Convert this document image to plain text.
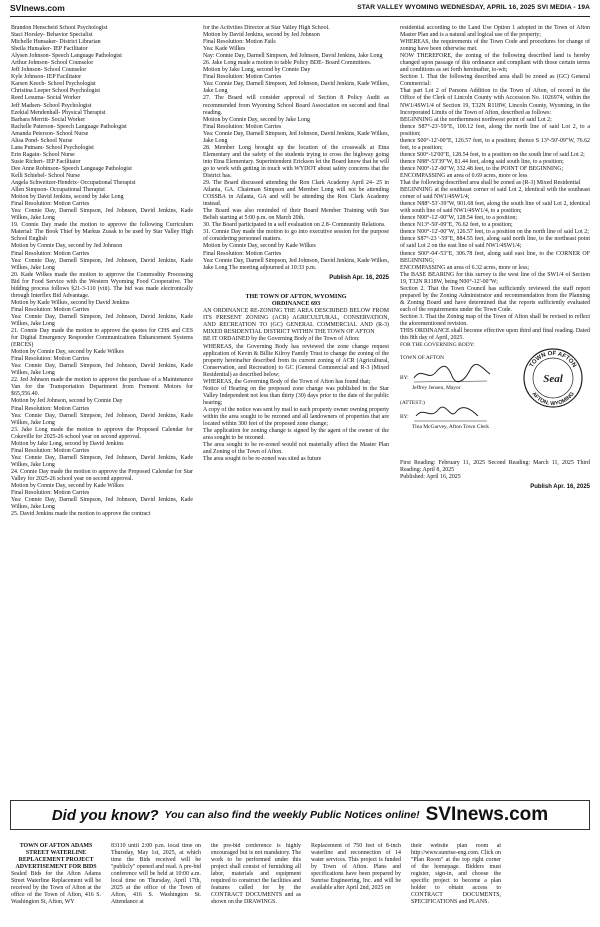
SVInews.com	STAR VALLEY WYOMING WEDNESDAY, APRIL 16, 2025 SVI MEDIA - 19A

Brandon Henscheid School Psychologist

Staci Horsley- Behavior Specialist

Michelle Hunsaker- District Librarian

Sheila Hunsaker- IEP Facilitator

Alysen Johnson- Speech Language Pathologist

Arthur Johnson- School Counselor

Jeff Johnson- School Counselor

Kyle Johnson- IEP Facilitator

Karsen Keech- School Psychologist

Christina Leeper School Psychologist

Reed Lesuma- Social Worker

Jeff Madsen- School Psychologist

Ezekial Mendenhall- Physical Therapist

Barbara Merritt- Social Worker

Rachelle Paterson- Speech Language Pathologist

Amanda Peterson- School Nurse

Alisa Pond- School Nurse

Lana Putnam- School Psychologist

Erin Ragain- School Nurse

Susie Richert- IEP Facilitator

Dee Anne Robinson- Speech Language Pathologist

Kelli Schiebel- School Nurse

Angela Schweitzer-Hendrix- Occupational Therapist

Allen Simpson- Occupational Therapist

Motion by David Jenkins, second by Jake Long

Final Resolution: Motion Carries

Yea: Connie Day, Darnell Simpson, Jed Johnson, David Jenkins, Kade Wilkes, Jake Long

19. Connie Day made the motion to approve the following Curriculum Material: The Book Thief by Markus Zusak to be used by Star Valley High School English

Motion by Connie Day, second by Jed Johnson

Final Resolution: Motion Carries

Yea: Connie Day, Darnell Simpson, Jed Johnson, David Jenkins, Kade Wilkes, Jake Long

20. Kade Wilkes made the motion to approve the Commodity Processing Bid for Food Service with the Western Wyoming Food Cooperative. The bidding process follows §21-3-110 (viii). The bid was made electronically through Interflex Bid Advantage.

Motion by Kade Wilkes, second by David Jenkins

Final Resolution: Motion Carries

Yea: Connie Day, Darnell Simpson, Jed Johnson, David Jenkins, Kade Wilkes, Jake Long

21. Connie Day made the motion to approve the quotes for CHS and CES for Digital Emergency Responder Communications Enhancement Systems (ERCES)

Motion by Connie Day, second by Kade Wilkes

Final Resolution: Motion Carries

Yea: Connie Day, Darnell Simpson, Jed Johnson, David Jenkins, Kade Wilkes, Jake Long

22. Jed Johnson made the motion to approve the purchase of a Maintenance Van for the Transportation Department from Fremont Motors for $65,556.40.

Motion by Jed Johnson, second by Connie Day

Final Resolution: Motion Carries

Yea: Connie Day, Darnell Simpson, Jed Johnson, David Jenkins, Kade Wilkes, Jake Long

23. Jake Long made the motion to approve the Proposed Calendar for Cokeville for 2025-26 school year on second approval.

Motion by Jake Long, second by David Jenkins

Final Resolution: Motion Carries

Yea: Connie Day, Darnell Simpson, Jed Johnson, David Jenkins, Kade Wilkes, Jake Long

24. Connie Day made the motion to approve the Proposed Calendar for Star Valley for 2025-26 school year on second approval.

Motion by Connie Day, second by Kade Wilkes

Final Resolution: Motion Carries

Yea: Connie Day, Darnell Simpson, Jed Johnson, David Jenkins, Kade Wilkes, Jake Long

25. David Jenkins made the motion to approve the contract

for the Activities Director at Star Valley High School.

Motion by David Jenkins, second by Jed Johnson

Final Resolution: Motion Fails

Yea: Kade Wilkes

Nay: Connie Day, Darnell Simpson, Jed Johnson, David Jenkins, Jake Long

26. Jake Long made a motion to table Policy BDE- Board Committees.

Motion by Jake Long, second by Connie Day

Final Resolution: Motion Carries

Yea: Connie Day, Darnell Simpson, Jed Johnson, David Jenkins, Kade Wilkes, Jake Long

27. The Board will consider approval of Section 8 Policy Audit as recommended from Wyoming School Board Association on second and final reading.

Motion by Connie Day, second by Jake Long

Final Resolution: Motion Carries

Yea: Connie Day, Darnell Simpson, Jed Johnson, David Jenkins, Kade Wilkes, Jake Long

28. Member Long brought up the location of the crosswalk at Etna Elementary and the safety of the students trying to cross the highway going into Etna Elementary. Superintendent Erickson let the Board know that he will go to work with getting in touch with WYDOT about safety concerns that the District has.

29. The Board discussed attending the Ron Clark Academy April 24- 25 in Atlanta, GA. Chairman Simpson and Member Long will not be attending COSSBA in Atlanta, GA and will be attending the Ron Clark Academy instead.

The Board was also reminded of their Board Member Training with Sue Belish starting at 5:00 p.m. on March 20th.

30. The Board participated in a self evaluation on 2.8- Community Relations.

31. Connie Day made the motion to go into executive session for the purpose of considering personnel matters.

Motion by Connie Day, second by Kade Wilkes

Final Resolution: Motion Carries

Yea: Connie Day, Darnell Simpson, Jed Johnson, David Jenkins, Kade Wilkes, Jake Long The meeting adjourned at 10:33 p.m.

Publish Apr. 16, 2025
THE TOWN OF AFTON, WYOMING
ORDINANCE 693

AN ORDINANCE RE-ZONING THE AREA DESCRIBED BELOW FROM ITS PRESENT ZONING (ACR) AGRICULTURAL, CONSERVATION, AND RECREATION TO (GC) GENERAL COMMERCIAL AND (R-3) MIXED RESIDENTIAL DISTRICT WITHIN THE TOWN OF AFTON

BE IT ORDAINED by the Governing Body of the Town of Afton:

WHEREAS, the Governing Body has reviewed the zone change request application of Kevin & Billie Kilroy Family Trust to change the zoning of the property hereinafter described from its current zoning of ACR (Agricultural, Conservation, and Recreation) to GC (General Commercial and R-3 (Mixed Residential) as described below;

WHEREAS, the Governing Body of the Town of Afton has found that;

Notice of Hearing on the proposed zone change was published in the Star Valley Independent not less than thirty (30) days prior to the date of the public hearing;

A copy of the notice was sent by mail to each property owner owning property within the area sought to be rezoned and all landowners of properties that are located within 300 feet of the proposed zone change;

The application for zoning change is signed by the agent of the owner of the area sought to be rezoned.

The area sought to be re-zoned would not materially affect the Master Plan and Zoning of the Town of Afton.

The area sought to be re-zoned was sited as future

residential according to the Land Use Option 1 adopted in the Town of Afton Master Plan and is a natural and logical use of the property;

WHEREAS, the requirements of the Town Code and procedures for change of zoning have been otherwise met.

NOW THEREFORE, the zoning of the following described land is hereby changed upon passage of this ordinance and compliant with those certain terms and conditions as set forth hereinafter, to-wit;

Section 1. That the following described area shall be zoned as (GC) General Commercial:

That part Lot 2 of Parsons Addition to the Town of Afton, of record in the Office of the Clerk of Lincoln County with Accession No. 1026974, within the NW1/4SW1/4 of Section 19, T32N R118W, Lincoln County, Wyoming, in the Incorporated Limits of the Town of Afton, described as follows:

BEGINNING at the northernmost northwest point of said Lot 2;

thence S87°-23'-59"E, 100.12 feet, along the north line of said Lot 2, to a position;

thence S00°-12'-00"E, 126.57 feet, to a position; thence S 13°-50'-09"W, 76.62 feet, to a position;

thence S00°-12'00"E, 128.54 feet, to a position on the south line of said Lot 2;

thence N88°-53'39"W, 81.44 feet, along said south line, to a position;

thence N00°-12'-00"W, 332.48 feet, to the POINT OF BEGINNING;

ENCOMPASSING an area of 0.69 acres, more or less

That the following described area shall be zoned as (R-3) Mixed Residential

BEGINNING at the southeast corner of said Lot 2, identical with the southeast corner of said NW1/4SW1/4;

thence N88°-53'-39"W, 901.68 feet, along the south line of said Lot 2, identical with south line of said NW1/4SW1/4, to a position;

thence N00°-12'-00"W, 128.54 feet, to a position;

thence N13°-50'-09"E, 76.62 feet, to a position;

thence N00°-12'-00"W, 126.57 feet, to a position on the north line of said Lot 2;

thence S87°-23 '-59"E, 884.55 feet, along said north line, to the northeast point of said Lot 2 on the east line of said NW1/4SW1/4;

thence S00°-04'-53"E, 306.78 feet, along said east line, to the CORNER OF BEGINNING;

ENCOMPASSING an area of 6.32 acres, more or less;

The BASE BEARING for this survey is the west line of the SW1/4 of Section 19, T32N R118W, being N00°-12'-00"W;

Section 2. That the Town Council has sufficiently reviewed the staff report prepared by the Zoning Administrator and recommendation from the Planning & Zoning Board and have determined that the reports sufficiently evaluated each of the requirements under the Town Code.

Section 3. That the Zoning map of the Town of Afton shall be revised to reflect the aforementioned revision.

THIS ORDINANCE shall become effective upon third and final reading. Dated this 8th day of April, 2025.

FOR THE GOVERNING BODY:
TOWN OF AFTON
BY:
Jeffrey Jensen, Mayor
(ATTEST:)
BY:
Tina McGarvey, Afton Town Clerk
TOWN OF AFTON
AFTON, WYOMING
Seal

First Reading: February 11, 2025 Second Reading: March 11, 2025 Third Reading: April 8, 2025

Published: April 16, 2025

Publish Apr. 16, 2025
Did you know? You can also find the weekly Public Notices online! SVInews.com
TOWN OF AFTON ADAMS STREET WATERLINE REPLACEMENT PROJECT ADVERTISEMENT FOR BIDS

Sealed Bids for the Afton Adams Street Waterline Replacement will be received by the Town of Afton at the office of the Town of Afton, 416 S. Washington St, Afton, WY

83110 until 2:00 p.m. local time on Thursday, May 1st, 2025, at which time the Bids received will be "publicly" opened and read. A pre-bid conference will be held at 10:00 a.m. local time on Thursday, April 17th, 2025 at the office of the Town of Afton, 416 S. Washington St. Attendance at

the pre-bid conference is highly encouraged but is not mandatory. The work to be performed under this project shall consist of furnishing all labor, materials and equipment required to construct the facilities and features called for by the CONTRACT DOCUMENTS and as shown on the DRAWINGS.

Replacement of 750 feet of 8-inch waterline and reconnection of 14 water services. This project is funded by Town of Afton. Plans and specifications have been prepared by Sunrise Engineering, Inc. and will be available after April 2nd, 2025 on

their website plan room at http://www.sunrise-eng.com. Click on "Plan Room" at the top right corner of the homepage. Bidders must register, sign-in, and choose the specific project to become a plan holder to obtain access to CONTRACT DOCUMENTS, SPECIFICATIONS and PLANS.
